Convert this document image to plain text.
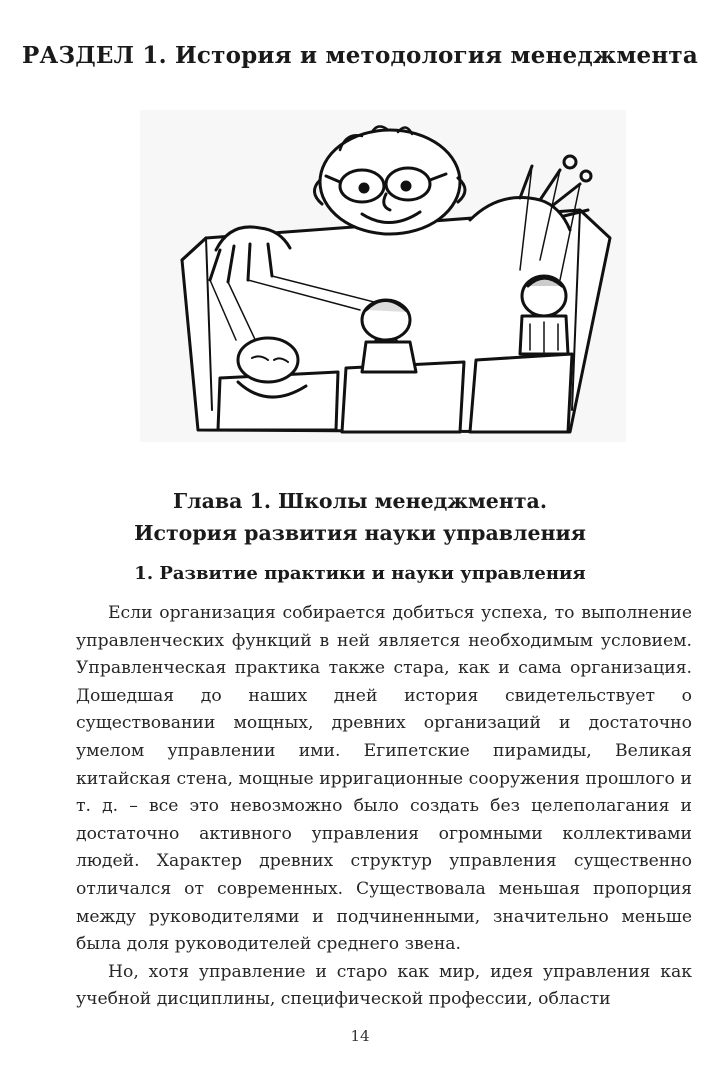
РАЗДЕЛ 1. История и методология менеджмента
Глава 1. Школы менеджмента.
История развития науки управления
1. Развитие практики и науки управления

Если организация собирается добиться успеха, то выполнение управленческих функций в ней является необходимым условием. Управленческая практика также стара, как и сама организация. Дошедшая до наших дней история свидетельствует о существовании мощных, древних организаций и достаточно умелом управлении ими. Египетские пирамиды, Великая китайская стена, мощные ирригационные сооружения прошлого и т. д. – все это невозможно было создать без целеполагания и достаточно активного управления огромными коллективами людей. Характер древних структур управления существенно отличался от современных. Существовала меньшая пропорция между руководителями и подчиненными, значительно меньше была доля руководителей среднего звена.

Но, хотя управление и старо как мир, идея управления как учебной дисциплины, специфической профессии, области

14
